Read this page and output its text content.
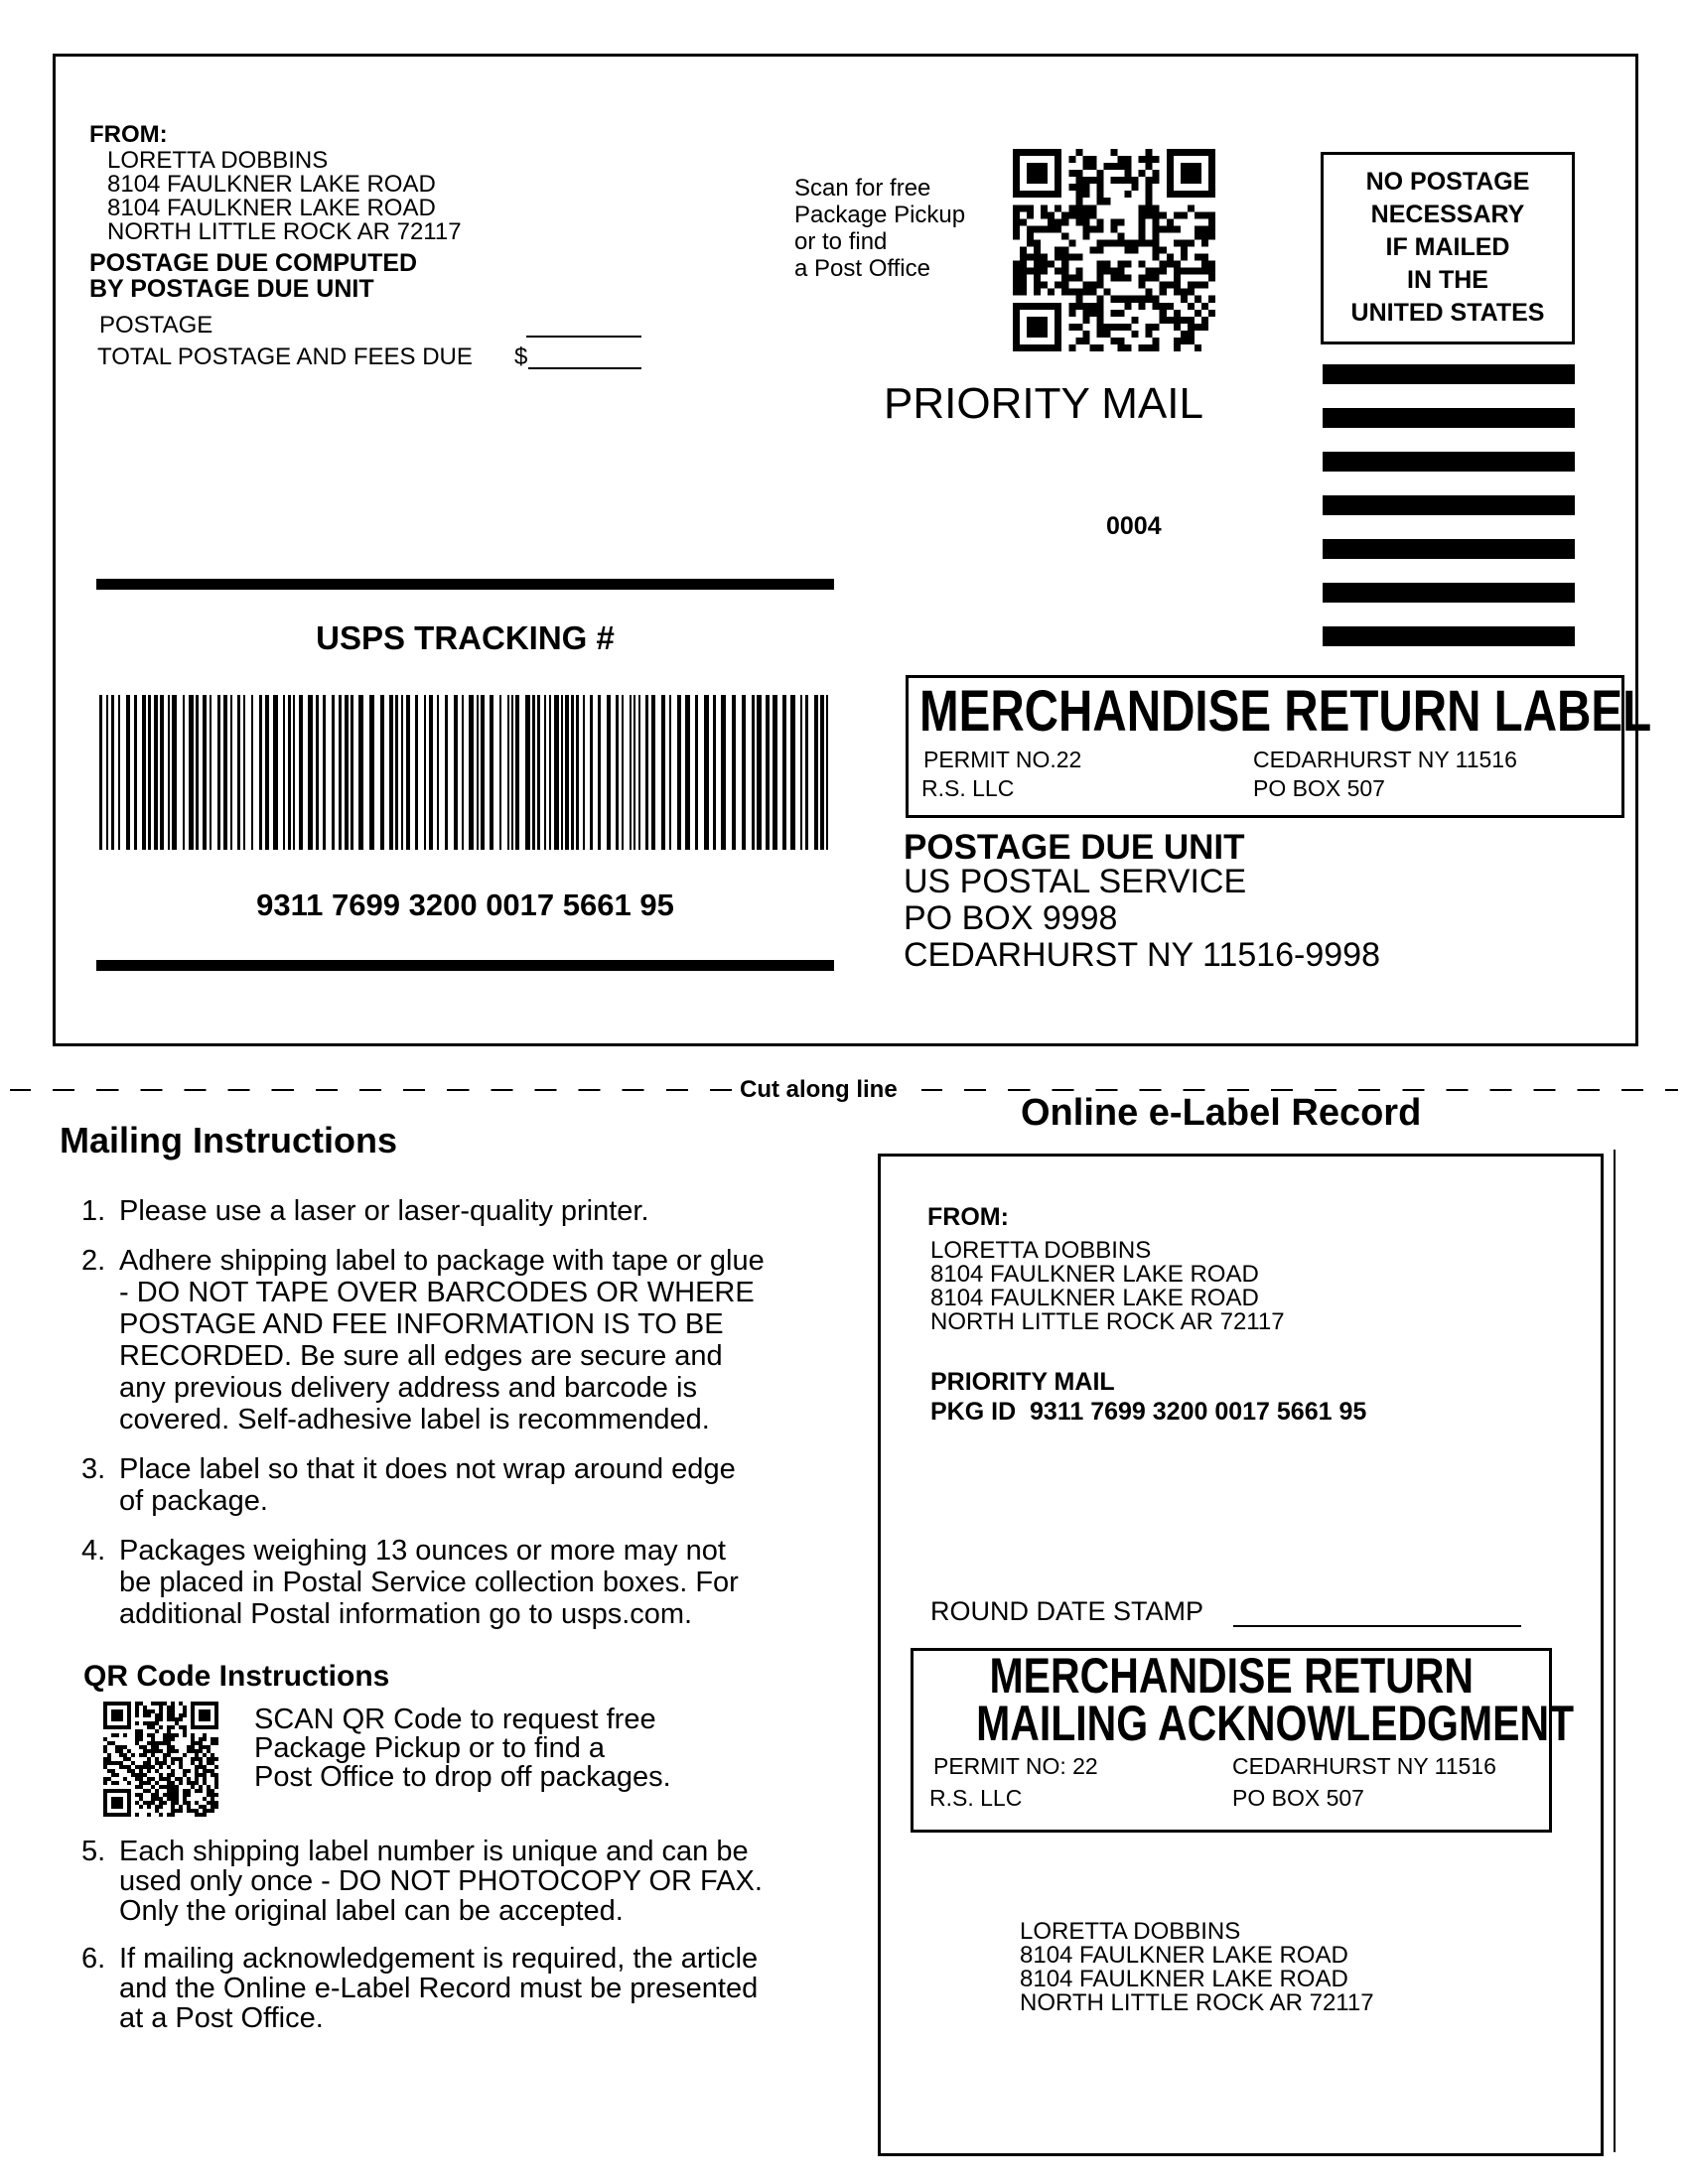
FROM:
LORETTA DOBBINS
8104 FAULKNER LAKE ROAD
8104 FAULKNER LAKE ROAD
NORTH LITTLE ROCK AR 72117
POSTAGE DUE COMPUTED
BY POSTAGE DUE UNIT
POSTAGE
TOTAL POSTAGE AND FEES DUE $
Scan for free
Package Pickup
or to find
a Post Office
NO POSTAGE
NECESSARY
IF MAILED
IN THE
UNITED STATES
PRIORITY MAIL
0004
USPS TRACKING #
9311 7699 3200 0017 5661 95
MERCHANDISE RETURN LABEL
PERMIT NO.22
R.S. LLC
CEDARHURST NY 11516
PO BOX 507
POSTAGE DUE UNIT
US POSTAL SERVICE
PO BOX 9998
CEDARHURST NY 11516-9998
Cut along line
Mailing Instructions
1. Please use a laser or laser-quality printer.
2. Adhere shipping label to package with tape or glue
- DO NOT TAPE OVER BARCODES OR WHERE
POSTAGE AND FEE INFORMATION IS TO BE
RECORDED. Be sure all edges are secure and
any previous delivery address and barcode is
covered. Self-adhesive label is recommended.
3. Place label so that it does not wrap around edge
of package.
4. Packages weighing 13 ounces or more may not
be placed in Postal Service collection boxes. For
additional Postal information go to usps.com.
QR Code Instructions
SCAN QR Code to request free
Package Pickup or to find a
Post Office to drop off packages.
5. Each shipping label number is unique and can be
used only once - DO NOT PHOTOCOPY OR FAX.
Only the original label can be accepted.
6. If mailing acknowledgement is required, the article
and the Online e-Label Record must be presented
at a Post Office.
Online e-Label Record
FROM:
LORETTA DOBBINS
8104 FAULKNER LAKE ROAD
8104 FAULKNER LAKE ROAD
NORTH LITTLE ROCK AR 72117
PRIORITY MAIL
PKG ID 9311 7699 3200 0017 5661 95
ROUND DATE STAMP
MERCHANDISE RETURN
MAILING ACKNOWLEDGMENT
PERMIT NO: 22
R.S. LLC
CEDARHURST NY 11516
PO BOX 507
LORETTA DOBBINS
8104 FAULKNER LAKE ROAD
8104 FAULKNER LAKE ROAD
NORTH LITTLE ROCK AR 72117
